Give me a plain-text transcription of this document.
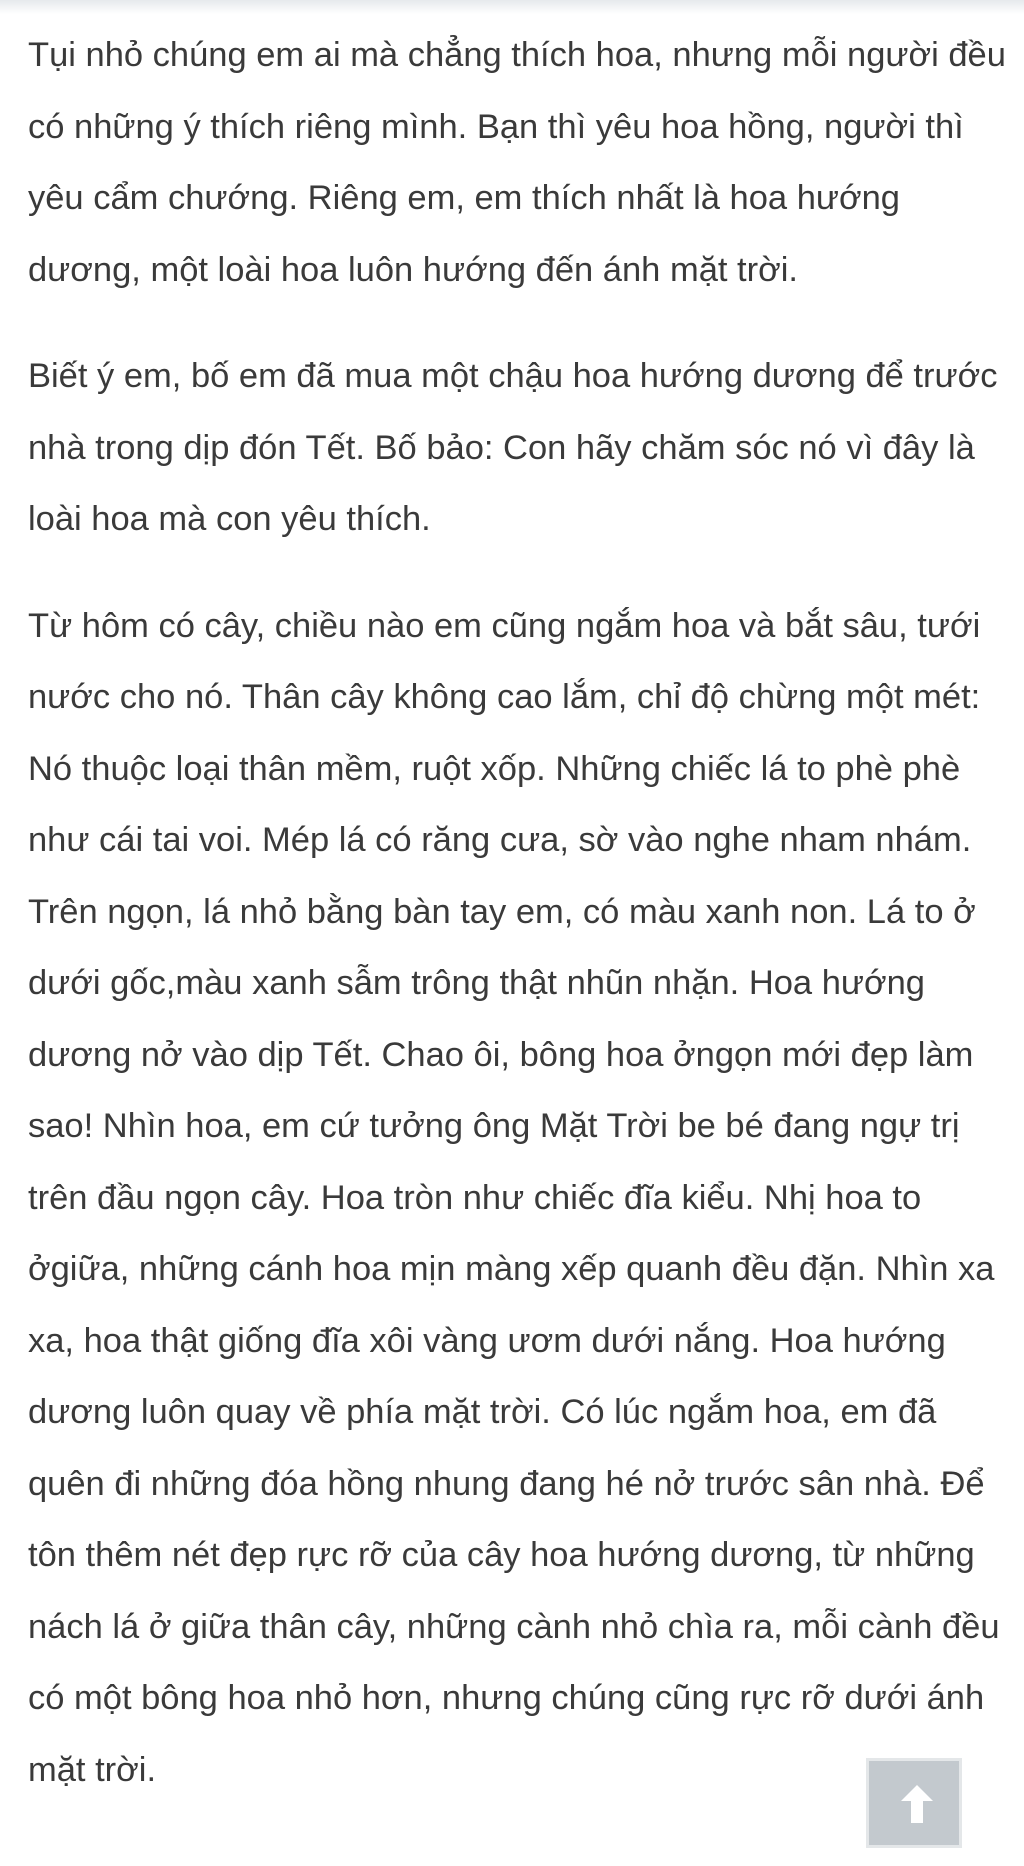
Tụi nhỏ chúng em ai mà chẳng thích hoa, nhưng mỗi người đều có những ý thích riêng mình. Bạn thì yêu hoa hồng, người thì yêu cẩm chướng. Riêng em, em thích nhất là hoa hướng dương, một loài hoa luôn hướng đến ánh mặt trời.

Biết ý em, bố em đã mua một chậu hoa hướng dương để trước nhà trong dịp đón Tết. Bố bảo: Con hãy chăm sóc nó vì đây là loài hoa mà con yêu thích.

Từ hôm có cây, chiều nào em cũng ngắm hoa và bắt sâu, tưới nước cho nó. Thân cây không cao lắm, chỉ độ chừng một mét: Nó thuộc loại thân mềm, ruột xốp. Những chiếc lá to phè phè như cái tai voi. Mép lá có răng cưa, sờ vào nghe nham nhám. Trên ngọn, lá nhỏ bằng bàn tay em, có màu xanh non. Lá to ở dưới gốc,màu xanh sẫm trông thật nhũn nhặn. Hoa hướng dương nở vào dịp Tết. Chao ôi, bông hoa ởngọn mới đẹp làm sao! Nhìn hoa, em cứ tưởng ông Mặt Trời be bé đang ngự trị trên đầu ngọn cây. Hoa tròn như chiếc đĩa kiểu. Nhị hoa to ởgiữa, những cánh hoa mịn màng xếp quanh đều đặn. Nhìn xa xa, hoa thật giống đĩa xôi vàng ươm dưới nắng. Hoa hướng dương luôn quay về phía mặt trời. Có lúc ngắm hoa, em đã quên đi những đóa hồng nhung đang hé nở trước sân nhà. Để tôn thêm nét đẹp rực rỡ của cây hoa hướng dương, từ những nách lá ở giữa thân cây, những cành nhỏ chìa ra, mỗi cành đều có một bông hoa nhỏ hơn, nhưng chúng cũng rực rỡ dưới ánh mặt trời.
